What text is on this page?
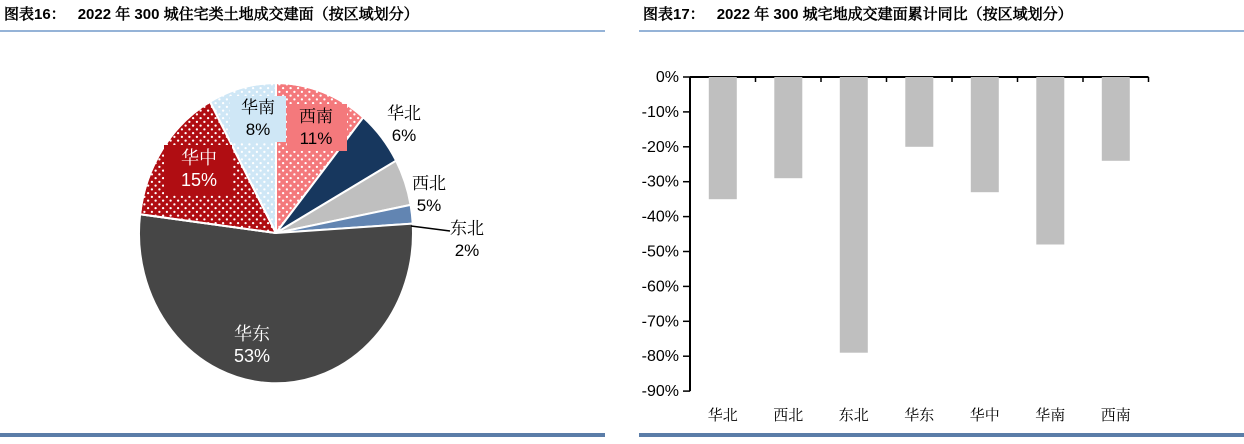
图表16： 2022 年 300 城住宅类土地成交建面（按区域划分）
西南
11%
华北
6%
西北
5%
东北
2%
华东
53%
华中
15%
华南
8%
图表17： 2022 年 300 城宅地成交建面累计同比（按区域划分）
0%
-10%
-20%
-30%
-40%
-50%
-60%
-70%
-80%
-90%
华北 西北 东北 华东 华中 华南 西南
